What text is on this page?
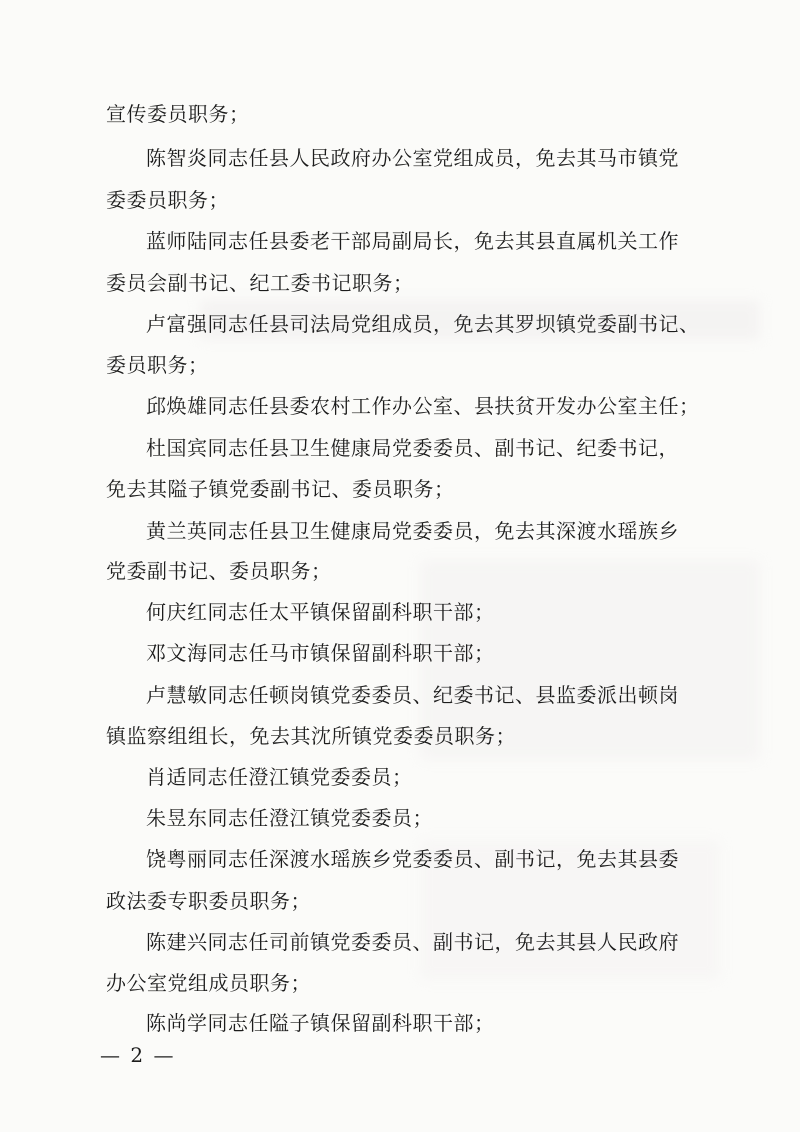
宣传委员职务；
陈智炎同志任县人民政府办公室党组成员，免去其马市镇党
委委员职务；
蓝师陆同志任县委老干部局副局长，免去其县直属机关工作
委员会副书记、纪工委书记职务；
卢富强同志任县司法局党组成员，免去其罗坝镇党委副书记、
委员职务；
邱焕雄同志任县委农村工作办公室、县扶贫开发办公室主任；
杜国宾同志任县卫生健康局党委委员、副书记、纪委书记，
免去其隘子镇党委副书记、委员职务；
黄兰英同志任县卫生健康局党委委员，免去其深渡水瑶族乡
党委副书记、委员职务；
何庆红同志任太平镇保留副科职干部；
邓文海同志任马市镇保留副科职干部；
卢慧敏同志任顿岗镇党委委员、纪委书记、县监委派出顿岗
镇监察组组长，免去其沈所镇党委委员职务；
肖适同志任澄江镇党委委员；
朱昱东同志任澄江镇党委委员；
饶粤丽同志任深渡水瑶族乡党委委员、副书记，免去其县委
政法委专职委员职务；
陈建兴同志任司前镇党委委员、副书记，免去其县人民政府
办公室党组成员职务；
陈尚学同志任隘子镇保留副科职干部；
— 2 —
